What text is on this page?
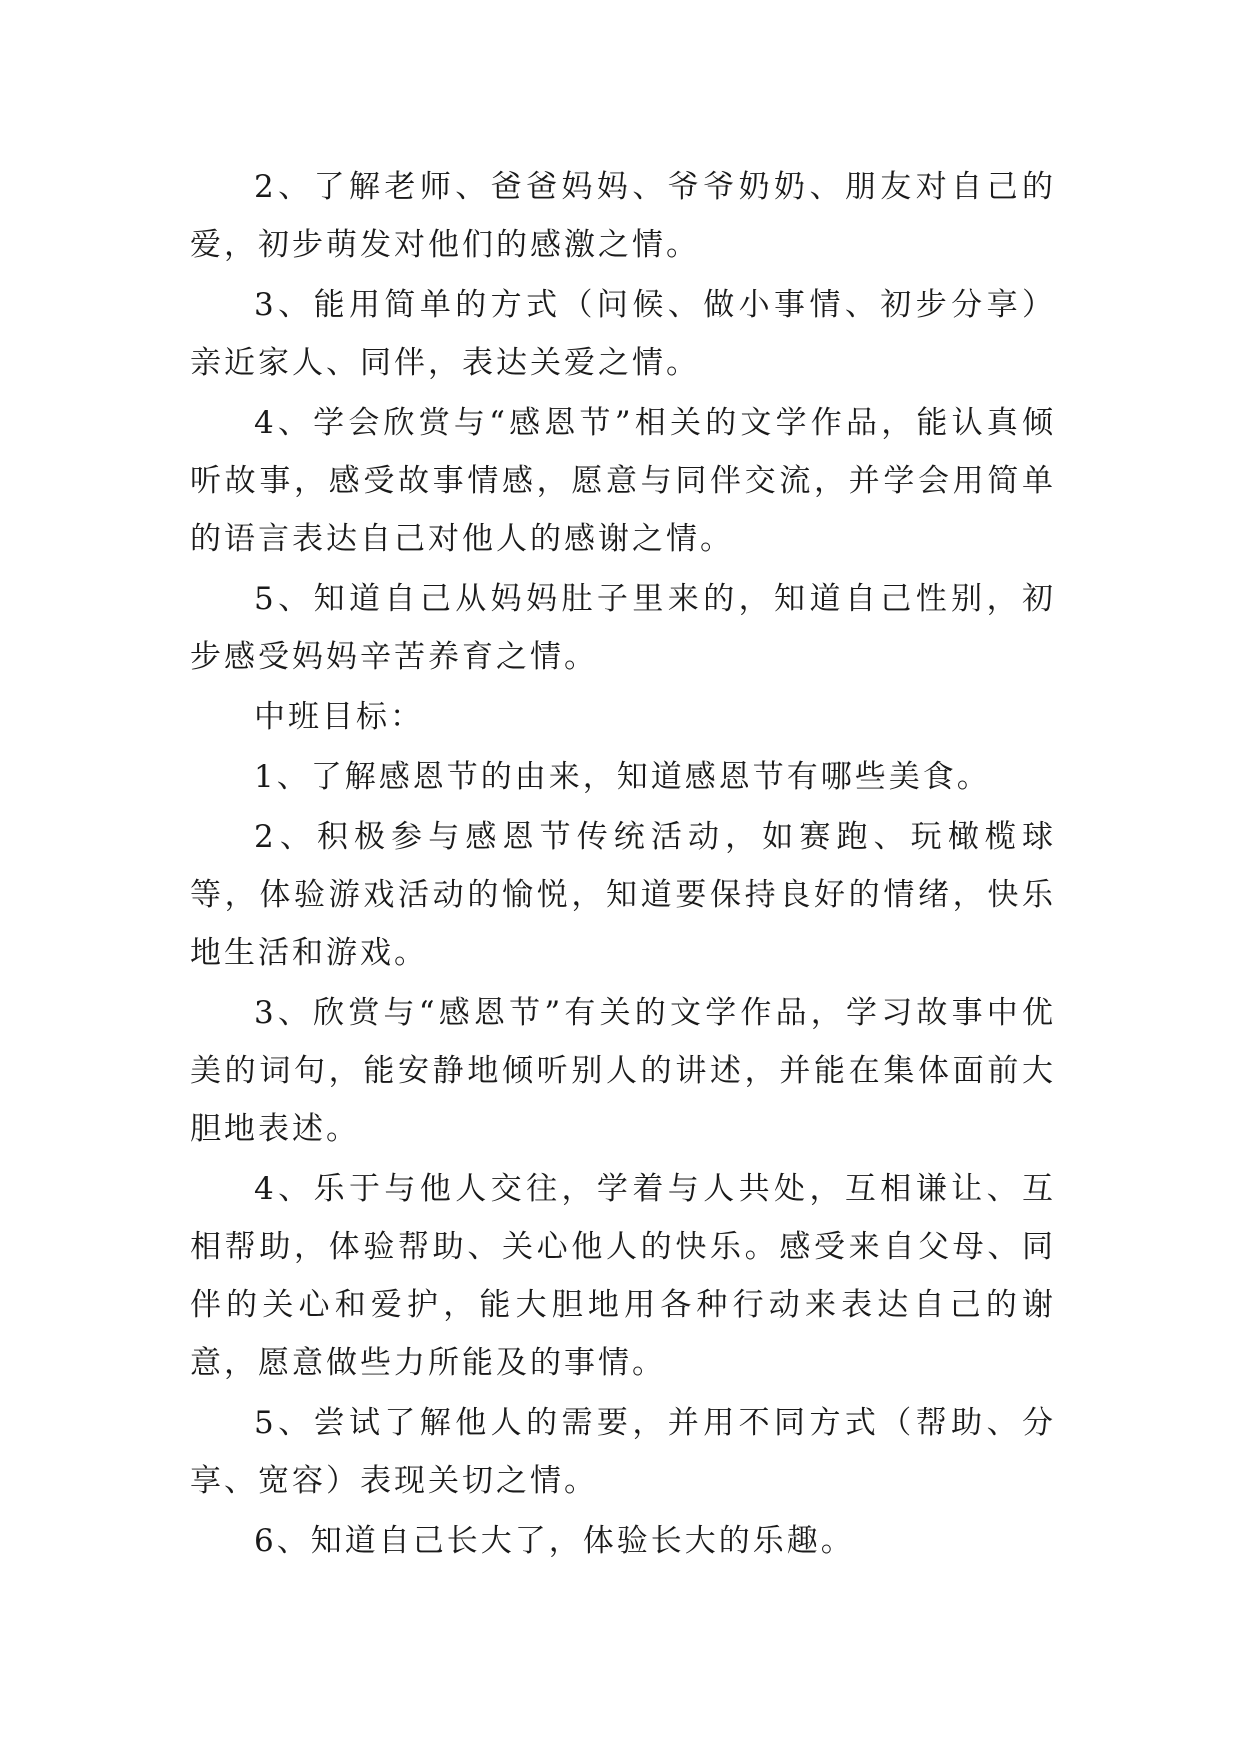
2、了解老师、爸爸妈妈、爷爷奶奶、朋友对自己的爱，初步萌发对他们的感激之情。

3、能用简单的方式（问候、做小事情、初步分享）亲近家人、同伴，表达关爱之情。

4、学会欣赏与“感恩节”相关的文学作品，能认真倾听故事，感受故事情感，愿意与同伴交流，并学会用简单的语言表达自己对他人的感谢之情。

5、知道自己从妈妈肚子里来的，知道自己性别，初步感受妈妈辛苦养育之情。

中班目标：

1、了解感恩节的由来，知道感恩节有哪些美食。

2、积极参与感恩节传统活动，如赛跑、玩橄榄球等，体验游戏活动的愉悦，知道要保持良好的情绪，快乐地生活和游戏。

3、欣赏与“感恩节”有关的文学作品，学习故事中优美的词句，能安静地倾听别人的讲述，并能在集体面前大胆地表述。

4、乐于与他人交往，学着与人共处，互相谦让、互相帮助，体验帮助、关心他人的快乐。感受来自父母、同伴的关心和爱护，能大胆地用各种行动来表达自己的谢意，愿意做些力所能及的事情。

5、尝试了解他人的需要，并用不同方式（帮助、分享、宽容）表现关切之情。

6、知道自己长大了，体验长大的乐趣。
